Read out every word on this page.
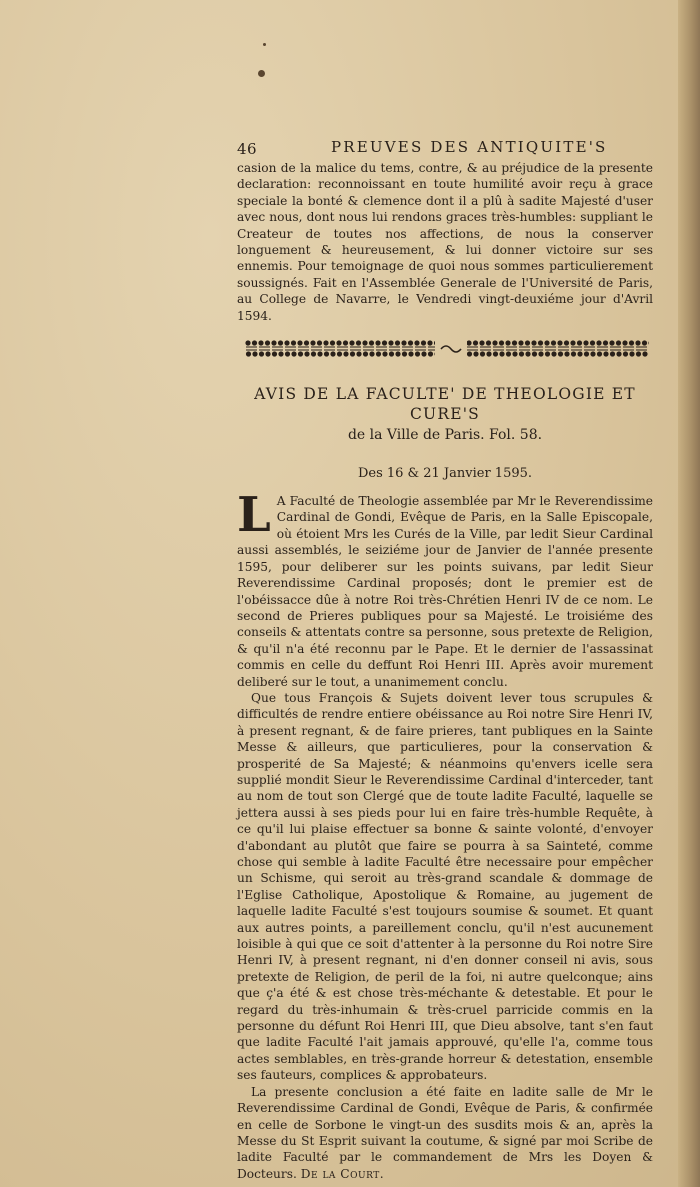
46	PREUVES DES ANTIQUITE'S

casion de la malice du tems, contre, & au préjudice de la presente declaration: reconnoissant en toute humilité avoir reçu à grace speciale la bonté & clemence dont il a plû à sadite Majesté d'user avec nous, dont nous lui rendons graces très-humbles: suppliant le Createur de toutes nos affections, de nous la conserver longuement & heureusement, & lui donner victoire sur ses ennemis. Pour temoignage de quoi nous sommes particulierement soussignés. Fait en l'Assemblée Generale de l'Université de Paris, au College de Navarre, le Vendredi vingt-deuxiéme jour d'Avril 1594.

AVIS DE LA FACULTE' DE THEOLOGIE ET CURE'S
de la Ville de Paris. Fol. 58.
Des 16 & 21 Janvier 1595.
L A Faculté de Theologie assemblée par Mr le Reverendissime Cardinal de Gondi, Evêque de Paris, en la Salle Episcopale, où étoient Mrs les Curés de la Ville, par ledit Sieur Cardinal aussi assemblés, le seiziéme jour de Janvier de l'année presente 1595, pour deliberer sur les points suivans, par ledit Sieur Reverendissime Cardinal proposés; dont le premier est de l'obéissacce dûe à notre Roi très-Chrétien Henri IV de ce nom. Le second de Prieres publiques pour sa Majesté. Le troisiéme des conseils & attentats contre sa personne, sous pretexte de Religion, & qu'il n'a été reconnu par le Pape. Et le dernier de l'assassinat commis en celle du deffunt Roi Henri III. Après avoir murement deliberé sur le tout, a unanimement conclu.

Que tous François & Sujets doivent lever tous scrupules & difficultés de rendre entiere obéissance au Roi notre Sire Henri IV, à present regnant, & de faire prieres, tant publiques en la Sainte Messe & ailleurs, que particulieres, pour la conservation & prosperité de Sa Majesté; & néanmoins qu'envers icelle sera supplié mondit Sieur le Reverendissime Cardinal d'interceder, tant au nom de tout son Clergé que de toute ladite Faculté, laquelle se jettera aussi à ses pieds pour lui en faire très-humble Requête, à ce qu'il lui plaise effectuer sa bonne & sainte volonté, d'envoyer d'abondant au plutôt que faire se pourra à sa Sainteté, comme chose qui semble à ladite Faculté être necessaire pour empêcher un Schisme, qui seroit au très-grand scandale & dommage de l'Eglise Catholique, Apostolique & Romaine, au jugement de laquelle ladite Faculté s'est toujours soumise & soumet. Et quant aux autres points, a pareillement conclu, qu'il n'est aucunement loisible à qui que ce soit d'attenter à la personne du Roi notre Sire Henri IV, à present regnant, ni d'en donner conseil ni avis, sous pretexte de Religion, de peril de la foi, ni autre quelconque; ains que ç'a été & est chose très-méchante & detestable. Et pour le regard du très-inhumain & très-cruel parricide commis en la personne du défunt Roi Henri III, que Dieu absolve, tant s'en faut que ladite Faculté l'ait jamais approuvé, qu'elle l'a, comme tous actes semblables, en très-grande horreur & detestation, ensemble ses fauteurs, complices & approbateurs.

La presente conclusion a été faite en ladite salle de Mr le Reverendissime Cardinal de Gondi, Evêque de Paris, & confirmée en celle de Sorbone le vingt-un des susdits mois & an, après la Messe du St Esprit suivant la coutume, & signé par moi Scribe de ladite Faculté par le commandement de Mrs les Doyen & Docteurs. De la Court.
